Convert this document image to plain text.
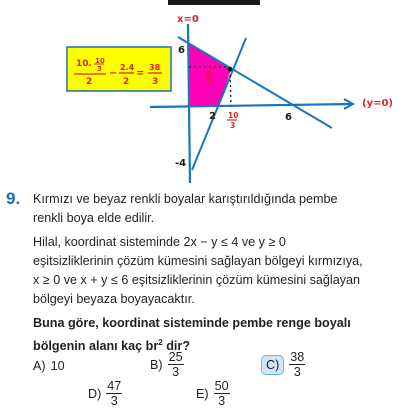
x=0
(y=0)
6
6
2
-4
10
3
8
3
10. 10
3
2
−
2.4
2
=
38
3
9. Kırmızı ve beyaz renkli boyalar karıştırıldığında pembe renkli boya elde edilir.

Hilal, koordinat sisteminde 2x − y ≤ 4 ve y ≥ 0 eşitsizliklerinin çözüm kümesini sağlayan bölgeyi kırmızıya, x ≥ 0 ve x + y ≤ 6 eşitsizliklerinin çözüm kümesini sağlayan bölgeyi beyaza boyayacaktır.

Buna göre, koordinat sisteminde pembe renge boyalı bölgenin alanı kaç $br^2$ dir?

A) 10	$B) \frac{25}{3}$	$C) \frac{38}{3}$
$D) \frac{47}{3}$	$E) \frac{50}{3}$
